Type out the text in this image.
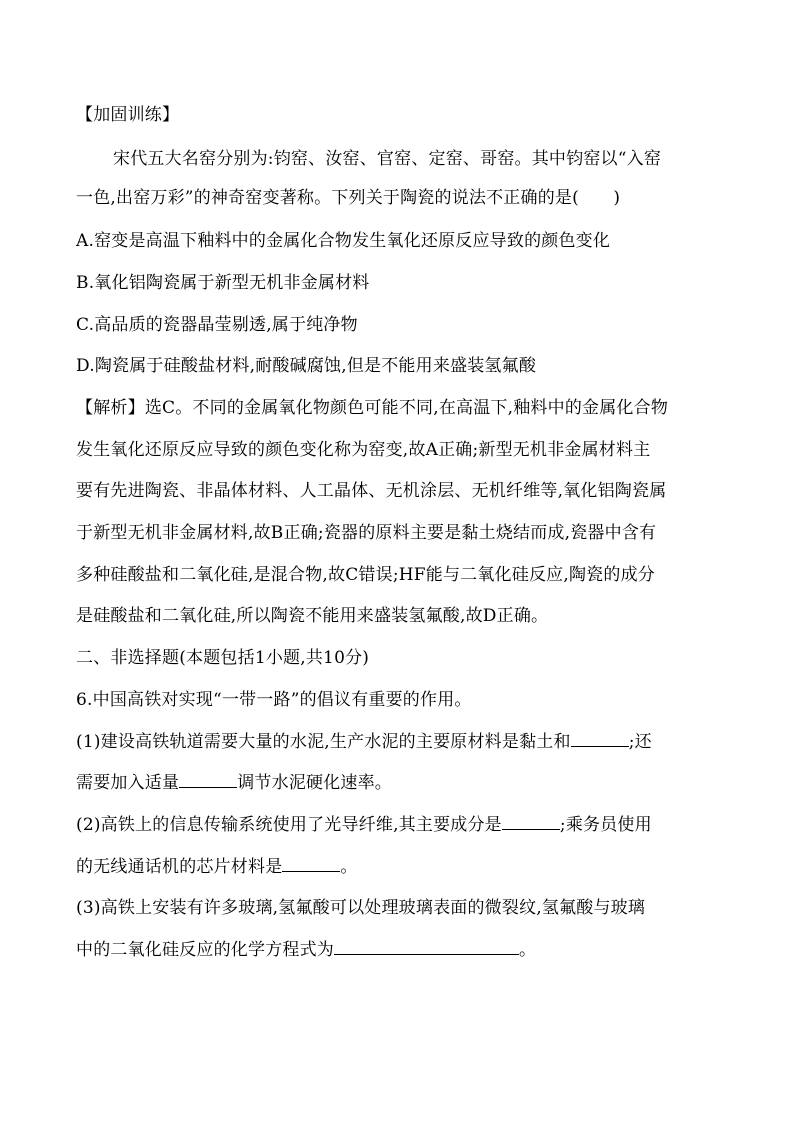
【加固训练】
宋代五大名窑分别为:钧窑、汝窑、官窑、定窑、哥窑。其中钧窑以“入窑
一色,出窑万彩”的神奇窑变著称。下列关于陶瓷的说法不正确的是(　　)
A.窑变是高温下釉料中的金属化合物发生氧化还原反应导致的颜色变化
B.氧化铝陶瓷属于新型无机非金属材料
C.高品质的瓷器晶莹剔透,属于纯净物
D.陶瓷属于硅酸盐材料,耐酸碱腐蚀,但是不能用来盛装氢氟酸
【解析】选C。不同的金属氧化物颜色可能不同,在高温下,釉料中的金属化合物
发生氧化还原反应导致的颜色变化称为窑变,故A正确;新型无机非金属材料主
要有先进陶瓷、非晶体材料、人工晶体、无机涂层、无机纤维等,氧化铝陶瓷属
于新型无机非金属材料,故B正确;瓷器的原料主要是黏土烧结而成,瓷器中含有
多种硅酸盐和二氧化硅,是混合物,故C错误;HF能与二氧化硅反应,陶瓷的成分
是硅酸盐和二氧化硅,所以陶瓷不能用来盛装氢氟酸,故D正确。
二、非选择题(本题包括1小题,共10分)
6.中国高铁对实现“一带一路”的倡议有重要的作用。
(1)建设高铁轨道需要大量的水泥,生产水泥的主要原材料是黏土和	;还
需要加入适量	调节水泥硬化速率。
(2)高铁上的信息传输系统使用了光导纤维,其主要成分是	;乘务员使用
的无线通话机的芯片材料是	。
(3)高铁上安装有许多玻璃,氢氟酸可以处理玻璃表面的微裂纹,氢氟酸与玻璃
中的二氧化硅反应的化学方程式为	。
